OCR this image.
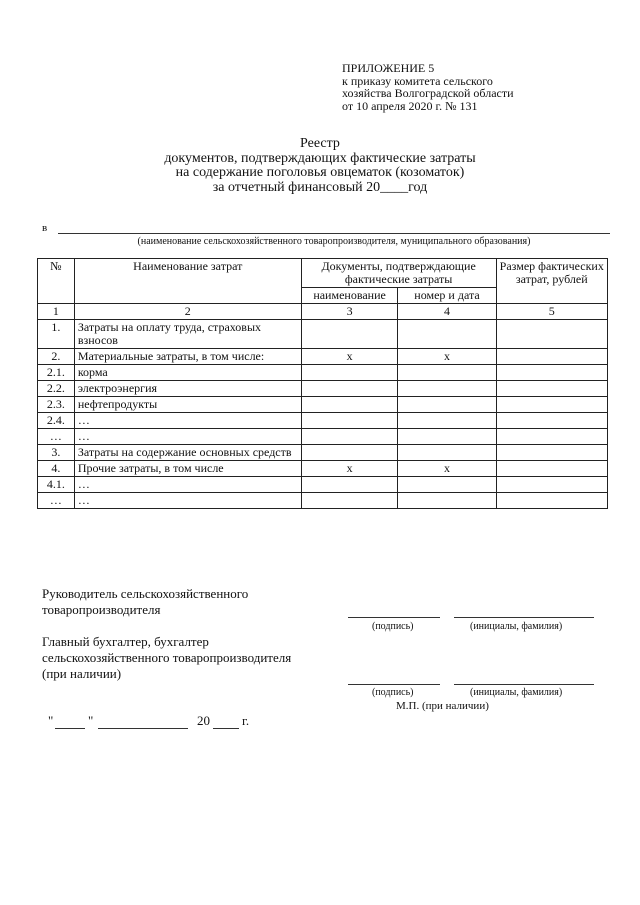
ПРИЛОЖЕНИЕ 5
к приказу комитета сельского
хозяйства Волгоградской области
от 10 апреля 2020 г. № 131
Реестр
документов, подтверждающих фактические затраты
на содержание поголовья овцематок (козоматок)
за отчетный финансовый 20____год
в
(наименование сельскохозяйственного товаропроизводителя, муниципального образования)
№	Наименование затрат	Документы, подтверждающие фактические затраты		Размер фактических затрат, рублей
		наименование	номер и дата	
1	2	3	4	5
1.	Затраты на оплату труда, страховых взносов			
2.	Материальные затраты, в том числе:	x	x	
2.1.	корма			
2.2.	электроэнергия			
2.3.	нефтепродукты			
2.4.	…			
…	…			
3.	Затраты на содержание основных средств			
4.	Прочие затраты, в том числе	x	x	
4.1.	…			
…	…			
Руководитель сельскохозяйственного
товаропроизводителя
(подпись)	(инициалы, фамилия)
Главный бухгалтер, бухгалтер
сельскохозяйственного товаропроизводителя
(при наличии)
(подпись)	(инициалы, фамилия)
М.П. (при наличии)
"	"	20 г.
